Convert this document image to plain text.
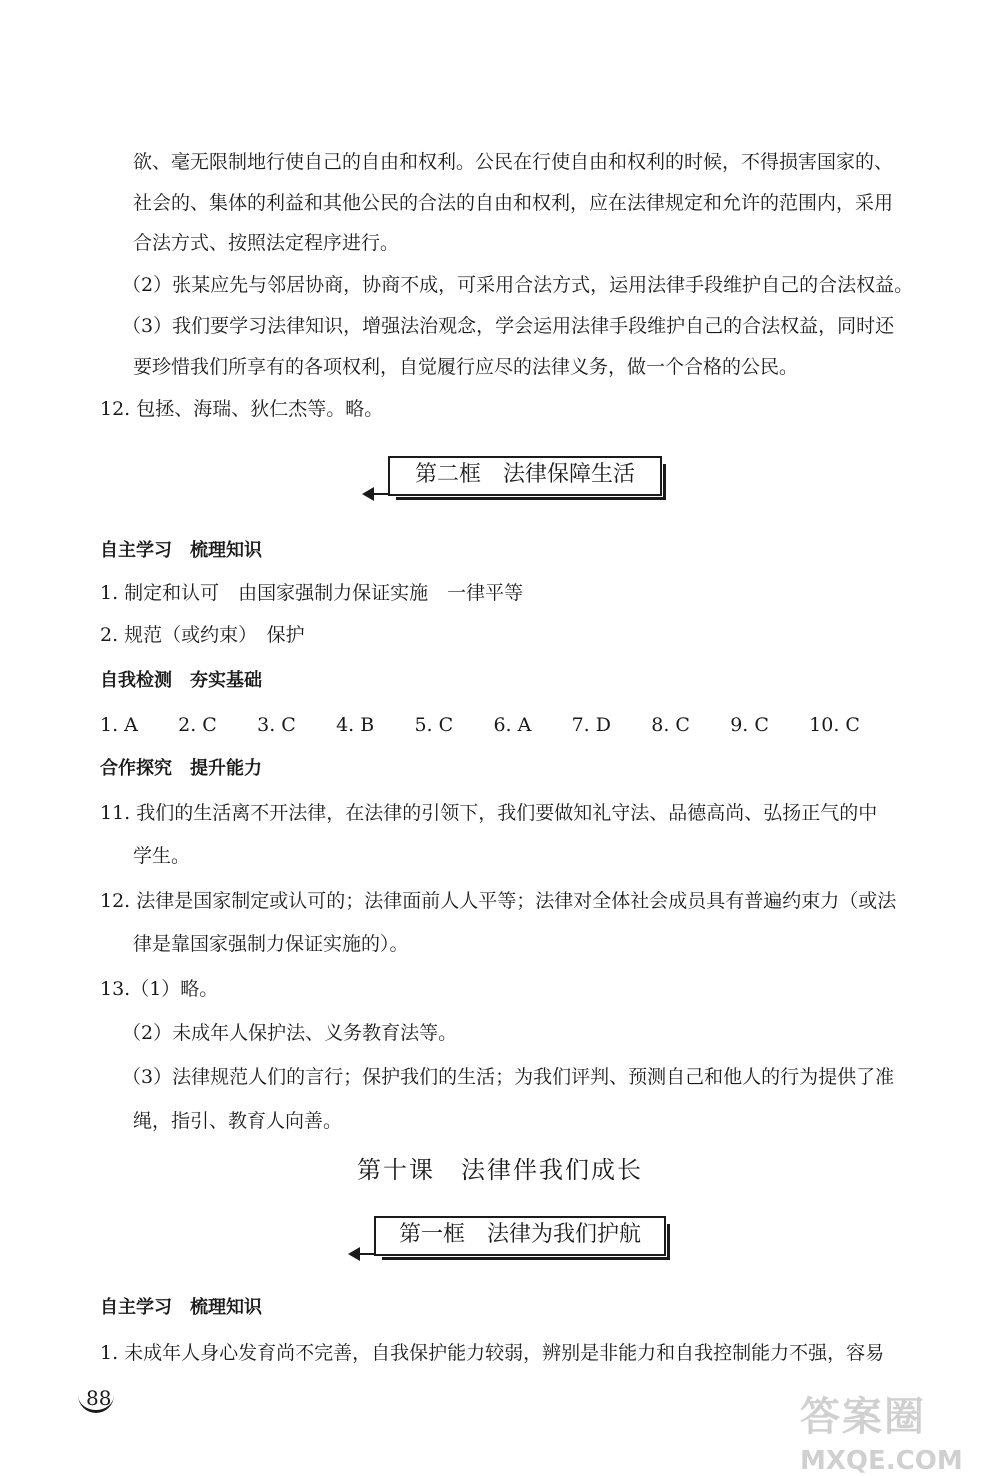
欲、毫无限制地行使自己的自由和权利。公民在行使自由和权利的时候，不得损害国家的、
社会的、集体的利益和其他公民的合法的自由和权利，应在法律规定和允许的范围内，采用
合法方式、按照法定程序进行。
（2）张某应先与邻居协商，协商不成，可采用合法方式，运用法律手段维护自己的合法权益。
（3）我们要学习法律知识，增强法治观念，学会运用法律手段维护自己的合法权益，同时还
要珍惜我们所享有的各项权利，自觉履行应尽的法律义务，做一个合格的公民。
12. 包拯、海瑞、狄仁杰等。略。
第二框　法律保障生活
自主学习　梳理知识
1. 制定和认可　由国家强制力保证实施　一律平等
2. 规范（或约束）　保护
自我检测　夯实基础
1. A 2. C 3. C 4. B 5. C 6. A 7. D 8. C 9. C 10. C
合作探究　提升能力
11. 我们的生活离不开法律，在法律的引领下，我们要做知礼守法、品德高尚、弘扬正气的中
学生。
12. 法律是国家制定或认可的；法律面前人人平等；法律对全体社会成员具有普遍约束力（或法
律是靠国家强制力保证实施的）。
13.（1）略。
（2）未成年人保护法、义务教育法等。
（3）法律规范人们的言行；保护我们的生活；为我们评判、预测自己和他人的行为提供了准
绳，指引、教育人向善。
第十课　法律伴我们成长
第一框　法律为我们护航
自主学习　梳理知识
1. 未成年人身心发育尚不完善，自我保护能力较弱，辨别是非能力和自我控制能力不强，容易
88	答案圈
MXQE.COM
